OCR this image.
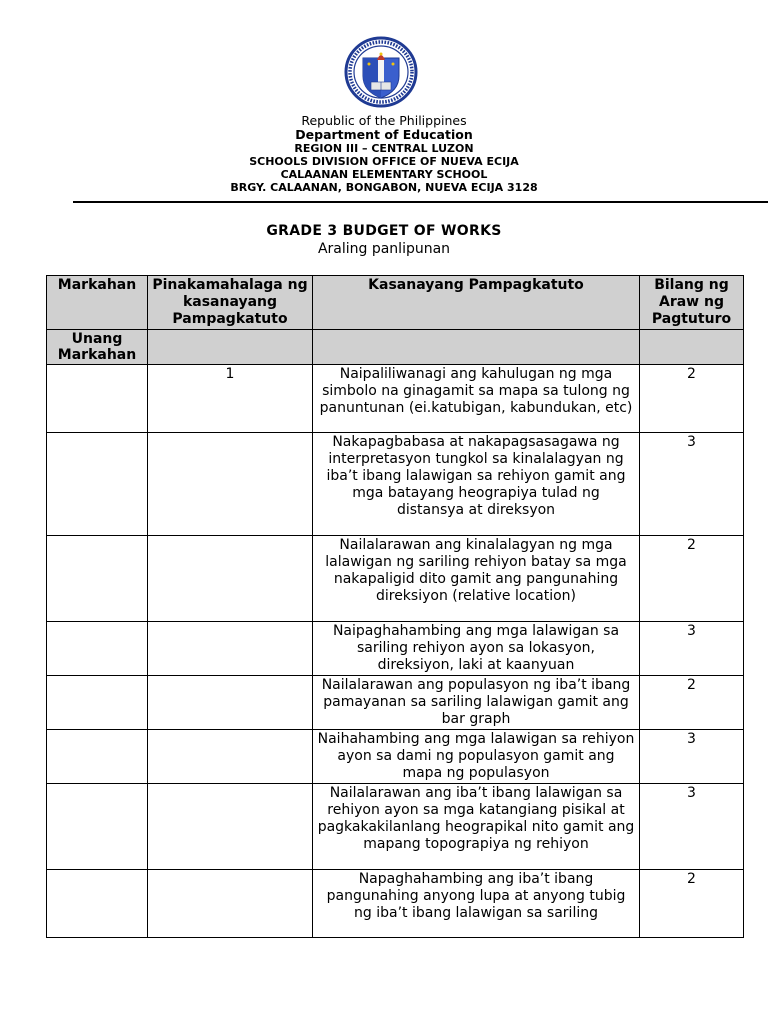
Republic of the Philippines
Department of Education
REGION III – CENTRAL LUZON
SCHOOLS DIVISION OFFICE OF NUEVA ECIJA
CALAANAN ELEMENTARY SCHOOL
BRGY. CALAANAN, BONGABON, NUEVA ECIJA 3128
GRADE 3 BUDGET OF WORKS
Araling panlipunan
Markahan	Pinakamahalaga ng kasanayang Pampagkatuto	Kasanayang Pampagkatuto	Bilang ng Araw ng Pagtuturo
Unang Markahan			
	1	Naipaliliwanagi ang kahulugan ng mga simbolo na ginagamit sa mapa sa tulong ng panuntunan (ei.katubigan, kabundukan, etc)	2
		Nakapagbabasa at nakapagsasagawa ng interpretasyon tungkol sa kinalalagyan ng iba’t ibang lalawigan sa rehiyon gamit ang mga batayang heograpiya tulad ng distansya at direksyon	3
		Nailalarawan ang kinalalagyan ng mga lalawigan ng sariling rehiyon batay sa mga nakapaligid dito gamit ang pangunahing direksiyon (relative location)	2
		Naipaghahambing ang mga lalawigan sa sariling rehiyon ayon sa lokasyon, direksiyon, laki at kaanyuan	3
		Nailalarawan ang populasyon ng iba’t ibang pamayanan sa sariling lalawigan gamit ang bar graph	2
		Naihahambing ang mga lalawigan sa rehiyon ayon sa dami ng populasyon gamit ang mapa ng populasyon	3
		Nailalarawan ang iba’t ibang lalawigan sa rehiyon ayon sa mga katangiang pisikal at pagkakakilanlang heograpikal nito gamit ang mapang topograpiya ng rehiyon	3
		Napaghahambing ang iba’t ibang pangunahing anyong lupa at anyong tubig ng iba’t ibang lalawigan sa sariling	2
